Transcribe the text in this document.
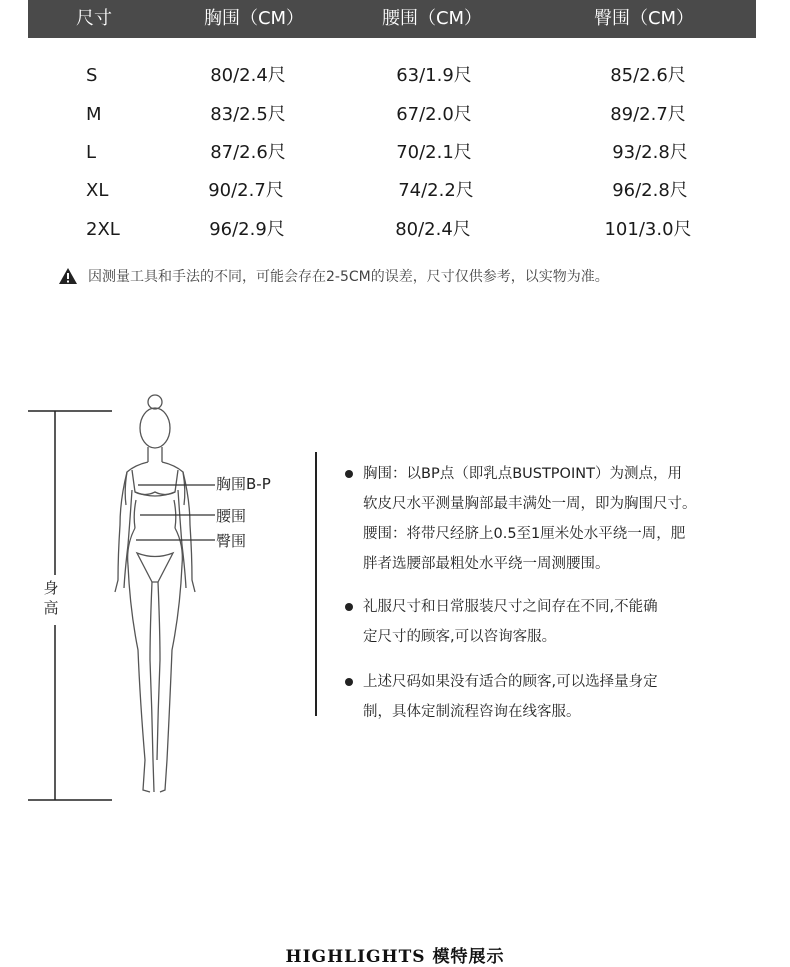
尺寸	胸围（CM）	腰围（CM）	臀围（CM）
S	80/2.4尺	63/1.9尺	85/2.6尺
M	83/2.5尺	67/2.0尺	89/2.7尺
L	87/2.6尺	70/2.1尺	93/2.8尺
XL	90/2.7尺	74/2.2尺	96/2.8尺
2XL	96/2.9尺	80/2.4尺	101/3.0尺
因测量工具和手法的不同，可能会存在2-5CM的误差，尺寸仅供参考，以实物为准。
胸围B-P
腰围
臀围
身高
胸围：以BP点（即乳点BUSTPOINT）为测点，用
软皮尺水平测量胸部最丰满处一周，即为胸围尺寸。
腰围：将带尺经脐上0.5至1厘米处水平绕一周，肥
胖者选腰部最粗处水平绕一周测腰围。
礼服尺寸和日常服装尺寸之间存在不同,不能确
定尺寸的顾客,可以咨询客服。
上述尺码如果没有适合的顾客,可以选择量身定
制，具体定制流程咨询在线客服。
HIGHLIGHTS 模特展示
